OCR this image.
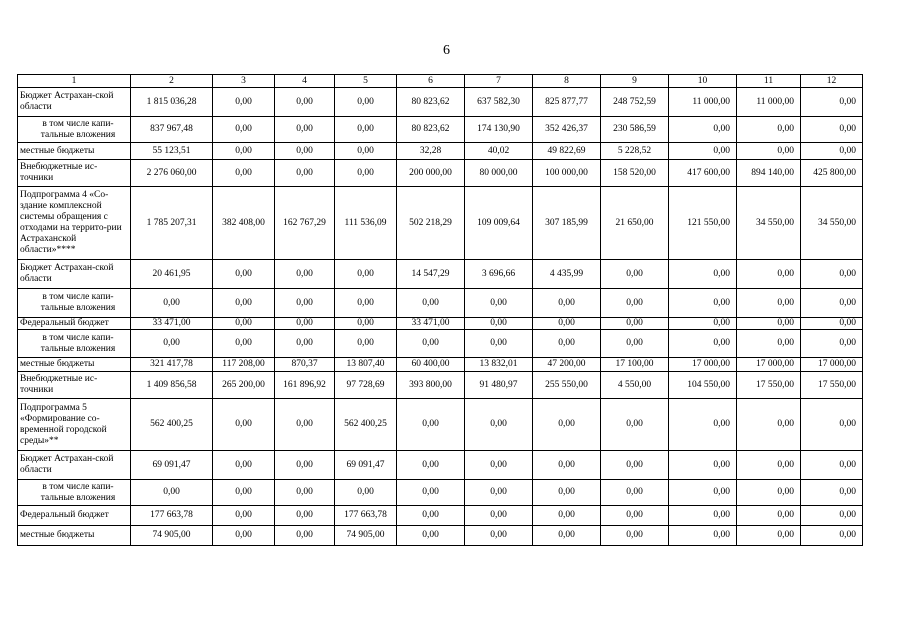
6
1	2	3	4	5	6	7	8	9	10	11	12
Бюджет Астрахан-ской области	1 815 036,28	0,00	0,00	0,00	80 823,62	637 582,30	825 877,77	248 752,59	11 000,00	11 000,00	0,00
в том числе капи-тальные вложения	837 967,48	0,00	0,00	0,00	80 823,62	174 130,90	352 426,37	230 586,59	0,00	0,00	0,00
местные бюджеты	55 123,51	0,00	0,00	0,00	32,28	40,02	49 822,69	5 228,52	0,00	0,00	0,00
Внебюджетные ис-точники	2 276 060,00	0,00	0,00	0,00	200 000,00	80 000,00	100 000,00	158 520,00	417 600,00	894 140,00	425 800,00
Подпрограмма 4 «Со-здание комплексной системы обращения с отходами на террито-рии Астраханской области»****	1 785 207,31	382 408,00	162 767,29	111 536,09	502 218,29	109 009,64	307 185,99	21 650,00	121 550,00	34 550,00	34 550,00
Бюджет Астрахан-ской области	20 461,95	0,00	0,00	0,00	14 547,29	3 696,66	4 435,99	0,00	0,00	0,00	0,00
в том числе капи-тальные вложения	0,00	0,00	0,00	0,00	0,00	0,00	0,00	0,00	0,00	0,00	0,00
Федеральный бюджет	33 471,00	0,00	0,00	0,00	33 471,00	0,00	0,00	0,00	0,00	0,00	0,00
в том числе капи-тальные вложения	0,00	0,00	0,00	0,00	0,00	0,00	0,00	0,00	0,00	0,00	0,00
местные бюджеты	321 417,78	117 208,00	870,37	13 807,40	60 400,00	13 832,01	47 200,00	17 100,00	17 000,00	17 000,00	17 000,00
Внебюджетные ис-точники	1 409 856,58	265 200,00	161 896,92	97 728,69	393 800,00	91 480,97	255 550,00	4 550,00	104 550,00	17 550,00	17 550,00
Подпрограмма 5 «Формирование со-временной городской среды»**	562 400,25	0,00	0,00	562 400,25	0,00	0,00	0,00	0,00	0,00	0,00	0,00
Бюджет Астрахан-ской области	69 091,47	0,00	0,00	69 091,47	0,00	0,00	0,00	0,00	0,00	0,00	0,00
в том числе капи-тальные вложения	0,00	0,00	0,00	0,00	0,00	0,00	0,00	0,00	0,00	0,00	0,00
Федеральный бюджет	177 663,78	0,00	0,00	177 663,78	0,00	0,00	0,00	0,00	0,00	0,00	0,00
местные бюджеты	74 905,00	0,00	0,00	74 905,00	0,00	0,00	0,00	0,00	0,00	0,00	0,00
